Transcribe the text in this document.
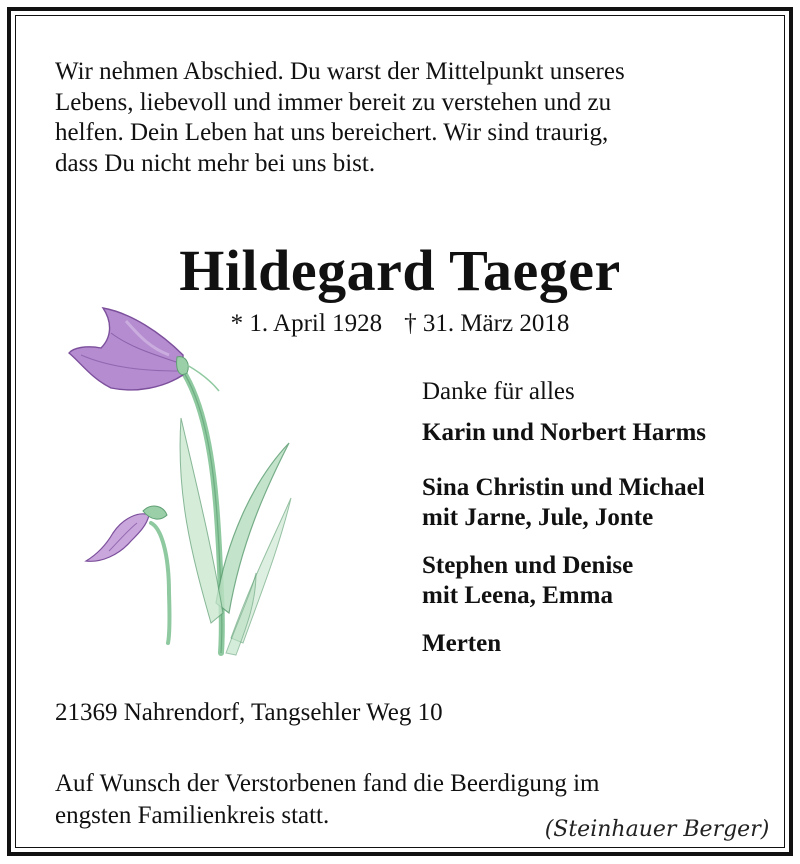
Wir nehmen Abschied. Du warst der Mittelpunkt unseres
Lebens, liebevoll und immer bereit zu verstehen und zu
helfen. Dein Leben hat uns bereichert. Wir sind traurig,
dass Du nicht mehr bei uns bist.

Hildegard Taeger
* 1. April 1928 † 31. März 2018
Danke für alles
Karin und Norbert Harms
Sina Christin und Michael
mit Jarne, Jule, Jonte
Stephen und Denise
mit Leena, Emma
Merten
21369 Nahrendorf, Tangsehler Weg 10
Auf Wunsch der Verstorbenen fand die Beerdigung im
engsten Familienkreis statt.
(Steinhauer Berger)
